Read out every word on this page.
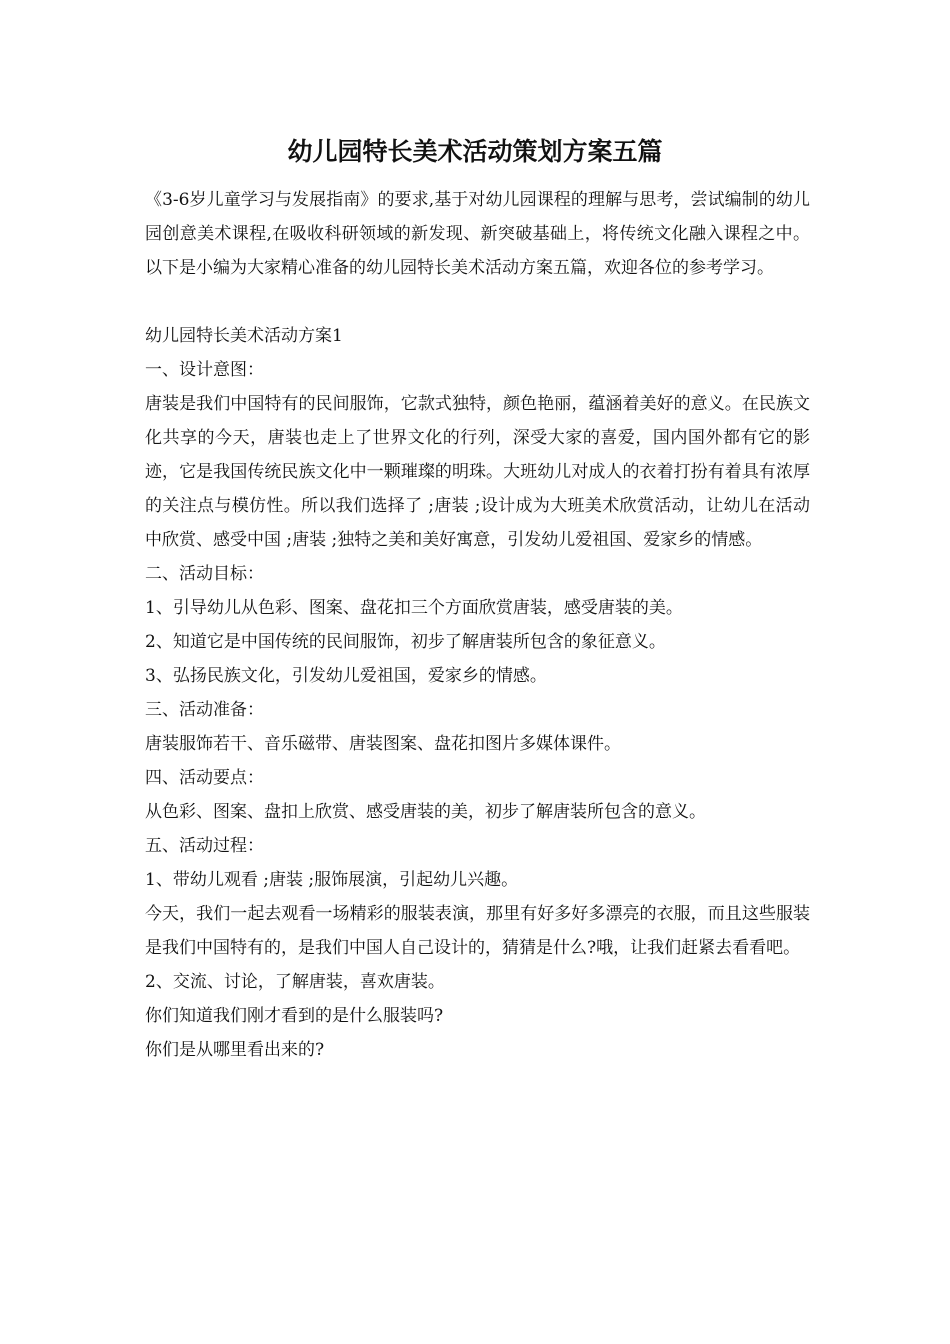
幼儿园特长美术活动策划方案五篇

《3-6岁儿童学习与发展指南》的要求,基于对幼儿园课程的理解与思考，尝试编制的幼儿园创意美术课程,在吸收科研领域的新发现、新突破基础上，将传统文化融入课程之中。以下是小编为大家精心准备的幼儿园特长美术活动方案五篇，欢迎各位的参考学习。

幼儿园特长美术活动方案1

一、设计意图：

唐装是我们中国特有的民间服饰，它款式独特，颜色艳丽，蕴涵着美好的意义。在民族文化共享的今天，唐装也走上了世界文化的行列，深受大家的喜爱，国内国外都有它的影迹，它是我国传统民族文化中一颗璀璨的明珠。大班幼儿对成人的衣着打扮有着具有浓厚的关注点与模仿性。所以我们选择了 ;唐装 ;设计成为大班美术欣赏活动，让幼儿在活动中欣赏、感受中国 ;唐装 ;独特之美和美好寓意，引发幼儿爱祖国、爱家乡的情感。

二、活动目标：

1、引导幼儿从色彩、图案、盘花扣三个方面欣赏唐装，感受唐装的美。

2、知道它是中国传统的民间服饰，初步了解唐装所包含的象征意义。

3、弘扬民族文化，引发幼儿爱祖国，爱家乡的情感。

三、活动准备：

唐装服饰若干、音乐磁带、唐装图案、盘花扣图片多媒体课件。

四、活动要点：

从色彩、图案、盘扣上欣赏、感受唐装的美，初步了解唐装所包含的意义。

五、活动过程：

1、带幼儿观看 ;唐装 ;服饰展演，引起幼儿兴趣。

今天，我们一起去观看一场精彩的服装表演，那里有好多好多漂亮的衣服，而且这些服装是我们中国特有的，是我们中国人自己设计的，猜猜是什么?哦，让我们赶紧去看看吧。

2、交流、讨论，了解唐装，喜欢唐装。

你们知道我们刚才看到的是什么服装吗?

你们是从哪里看出来的?
